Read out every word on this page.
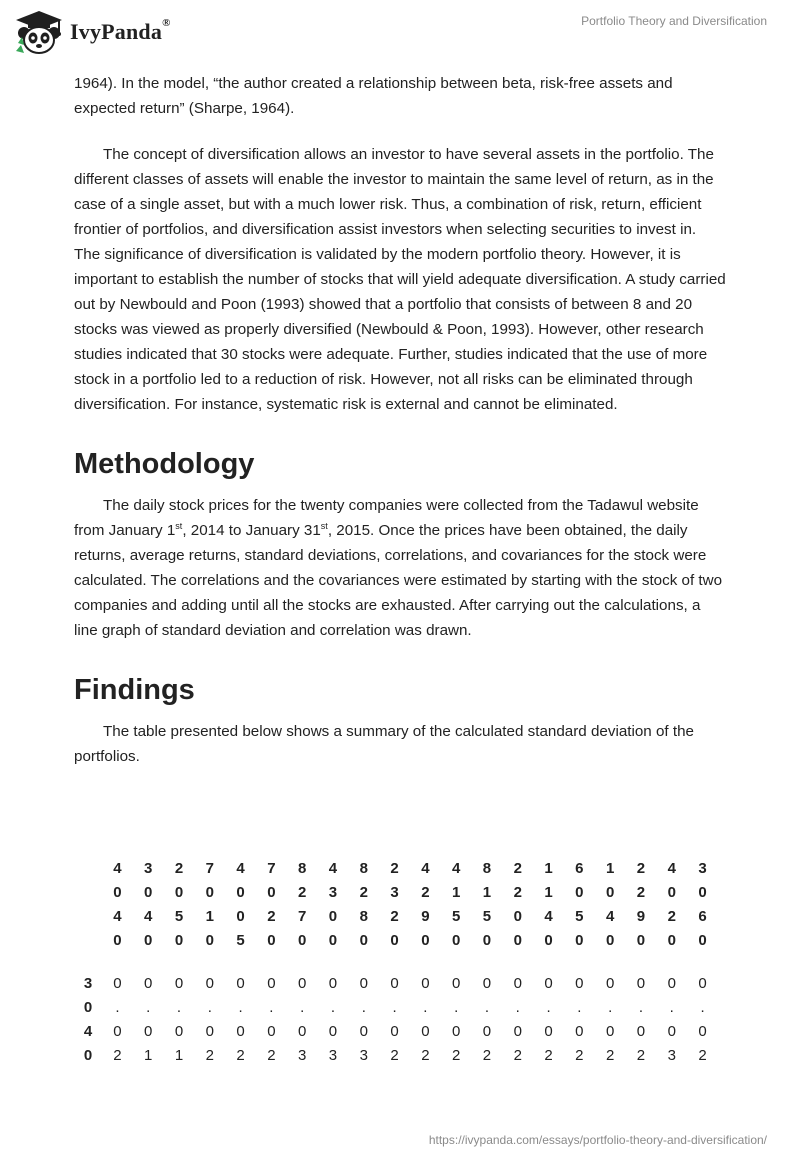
IvyPanda®	Portfolio Theory and Diversification

1964). In the model, “the author created a relationship between beta, risk-free assets and expected return” (Sharpe, 1964).

The concept of diversification allows an investor to have several assets in the portfolio. The different classes of assets will enable the investor to maintain the same level of return, as in the case of a single asset, but with a much lower risk. Thus, a combination of risk, return, efficient frontier of portfolios, and diversification assist investors when selecting securities to invest in. The significance of diversification is validated by the modern portfolio theory. However, it is important to establish the number of stocks that will yield adequate diversification. A study carried out by Newbould and Poon (1993) showed that a portfolio that consists of between 8 and 20 stocks was viewed as properly diversified (Newbould & Poon, 1993). However, other research studies indicated that 30 stocks were adequate. Further, studies indicated that the use of more stock in a portfolio led to a reduction of risk. However, not all risks can be eliminated through diversification. For instance, systematic risk is external and cannot be eliminated.

Methodology

The daily stock prices for the twenty companies were collected from the Tadawul website from January 1st, 2014 to January 31st, 2015. Once the prices have been obtained, the daily returns, average returns, standard deviations, correlations, and covariances for the stock were calculated. The correlations and the covariances were estimated by starting with the stock of two companies and adding until all the stocks are exhausted. After carrying out the calculations, a line graph of standard deviation and correlation was drawn.

Findings

The table presented below shows a summary of the calculated standard deviation of the portfolios.

4	3	2	7	4	7	8	4	8	2	4	4	8	2	1	6	1	2	4	3
0	0	0	0	0	0	2	3	2	3	2	1	1	2	1	0	0	2	0	0
4	4	5	1	0	2	7	0	8	2	9	5	5	0	4	5	4	9	2	6
0	0	0	0	5	0	0	0	0	0	0	0	0	0	0	0	0	0	0	0
3	0	0	0	0	0	0	0	0	0	0	0	0	0	0	0	0	0	0	0	0
0	.	.	.	.	.	.	.	.	.	.	.	.	.	.	.	.	.	.	.	.
4	0	0	0	0	0	0	0	0	0	0	0	0	0	0	0	0	0	0	0	0
0	2	1	1	2	2	2	3	3	3	2	2	2	2	2	2	2	2	2	3	2
https://ivypanda.com/essays/portfolio-theory-and-diversification/
